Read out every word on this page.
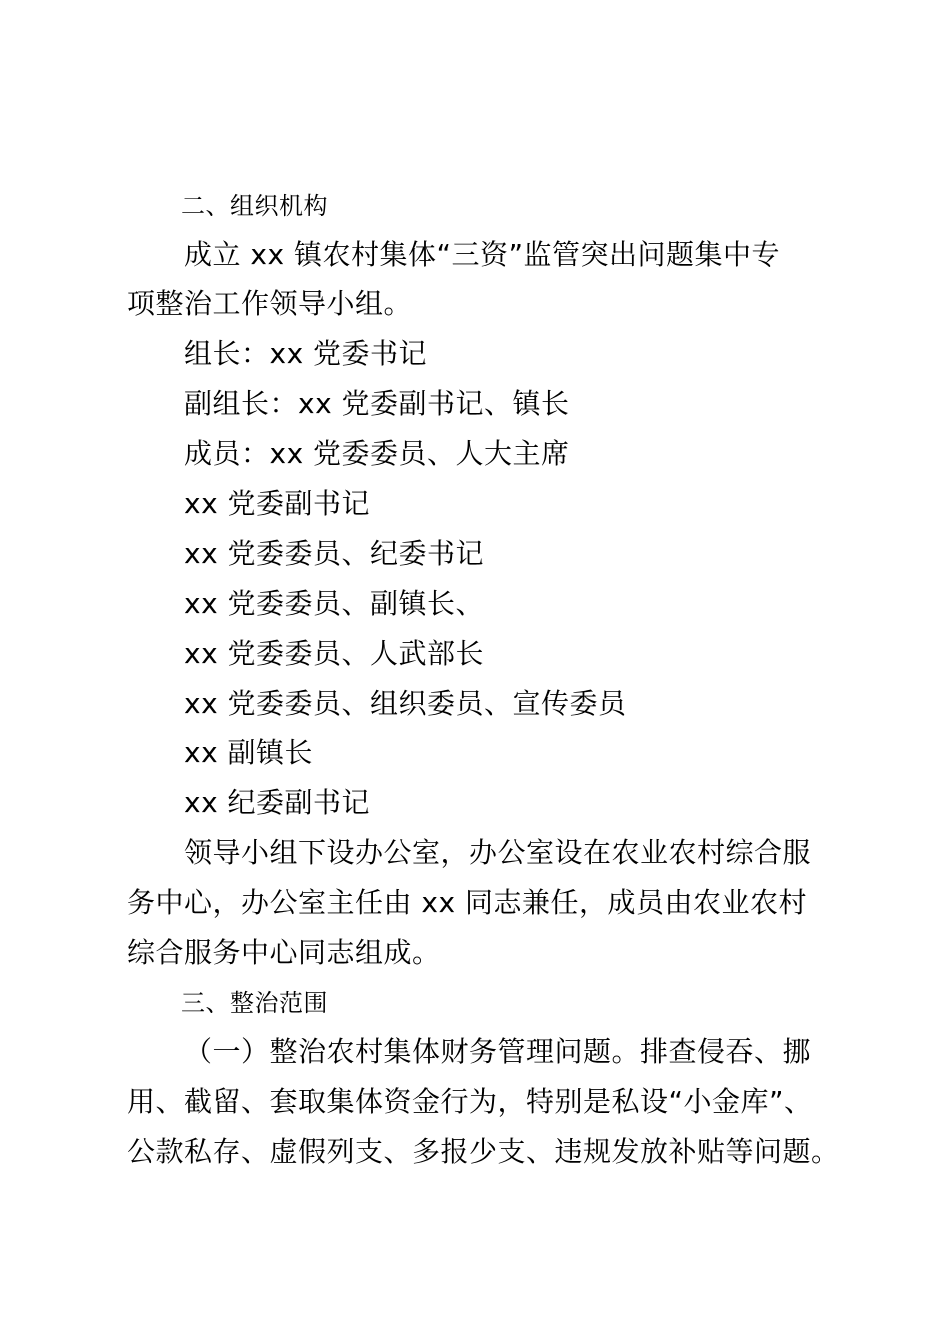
二、组织机构
成立 xx 镇农村集体“三资”监管突出问题集中专
项整治工作领导小组。
组长：xx 党委书记
副组长：xx 党委副书记、镇长
成员：xx 党委委员、人大主席
xx 党委副书记
xx 党委委员、纪委书记
xx 党委委员、副镇长、
xx 党委委员、人武部长
xx 党委委员、组织委员、宣传委员
xx 副镇长
xx 纪委副书记
领导小组下设办公室，办公室设在农业农村综合服
务中心，办公室主任由 xx 同志兼任，成员由农业农村
综合服务中心同志组成。
三、整治范围
（一）整治农村集体财务管理问题。排查侵吞、挪
用、截留、套取集体资金行为，特别是私设“小金库”、
公款私存、虚假列支、多报少支、违规发放补贴等问题。
